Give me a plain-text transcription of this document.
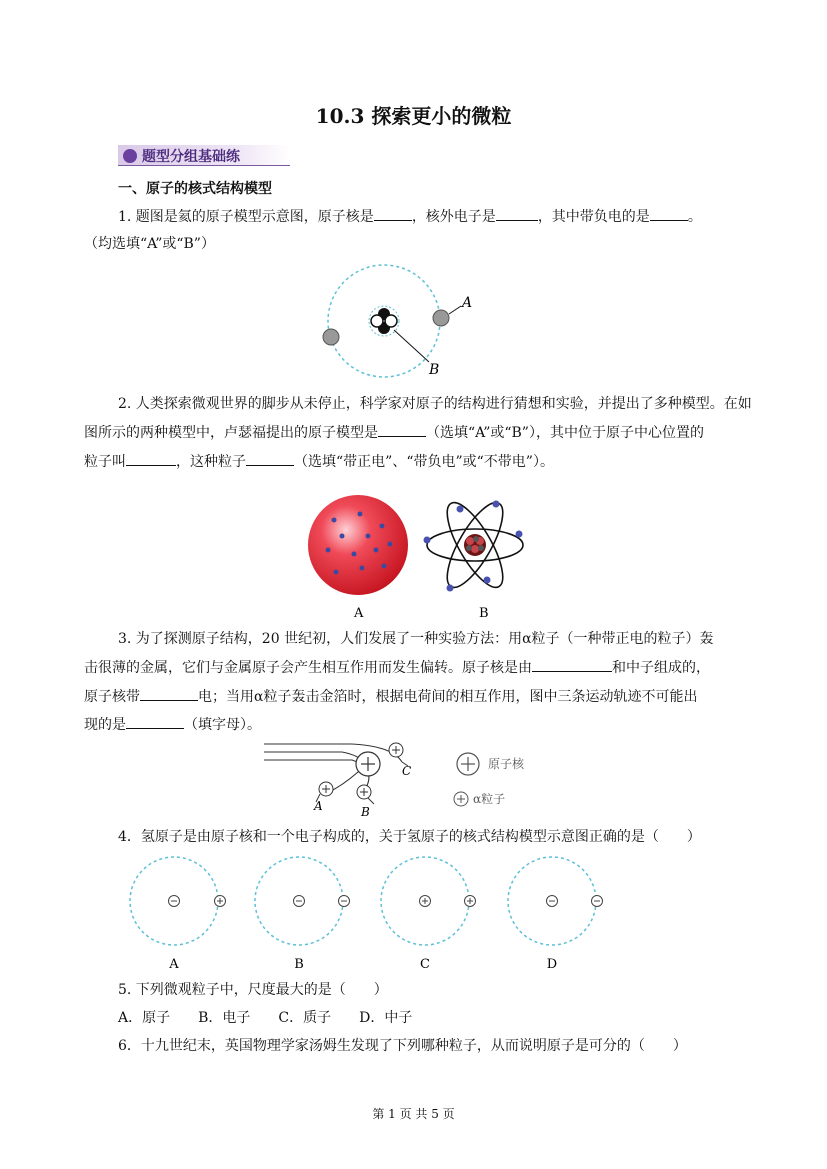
10.3 探索更小的微粒
题型分组基础练
一、原子的核式结构模型
1. 题图是氦的原子模型示意图，原子核是	，核外电子是	，其中带负电的是	。
（均选填“A”或“B”）
A
B
2. 人类探索微观世界的脚步从未停止，科学家对原子的结构进行猜想和实验，并提出了多种模型。在如
图所示的两种模型中，卢瑟福提出的原子模型是	（选填“A”或“B”），其中位于原子中心位置的
粒子叫	，这种粒子	（选填“带正电”、“带负电”或“不带电”）。
A	B
3. 为了探测原子结构，20 世纪初，人们发展了一种实验方法：用α粒子（一种带正电的粒子）轰
击很薄的金属，它们与金属原子会产生相互作用而发生偏转。原子核是由	和中子组成的，
原子核带	电；当用α粒子轰击金箔时，根据电荷间的相互作用，图中三条运动轨迹不可能出
现的是	（填字母）。
C
A	B
原子核
α粒子
4．氢原子是由原子核和一个电子构成的，关于氢原子的核式结构模型示意图正确的是（　　）
A	B	C	D
5. 下列微观粒子中，尺度最大的是（　　）
A．原子　　B．电子　　C．质子　　D．中子
6．十九世纪末，英国物理学家汤姆生发现了下列哪种粒子，从而说明原子是可分的（　　）
第 1 页 共 5 页
